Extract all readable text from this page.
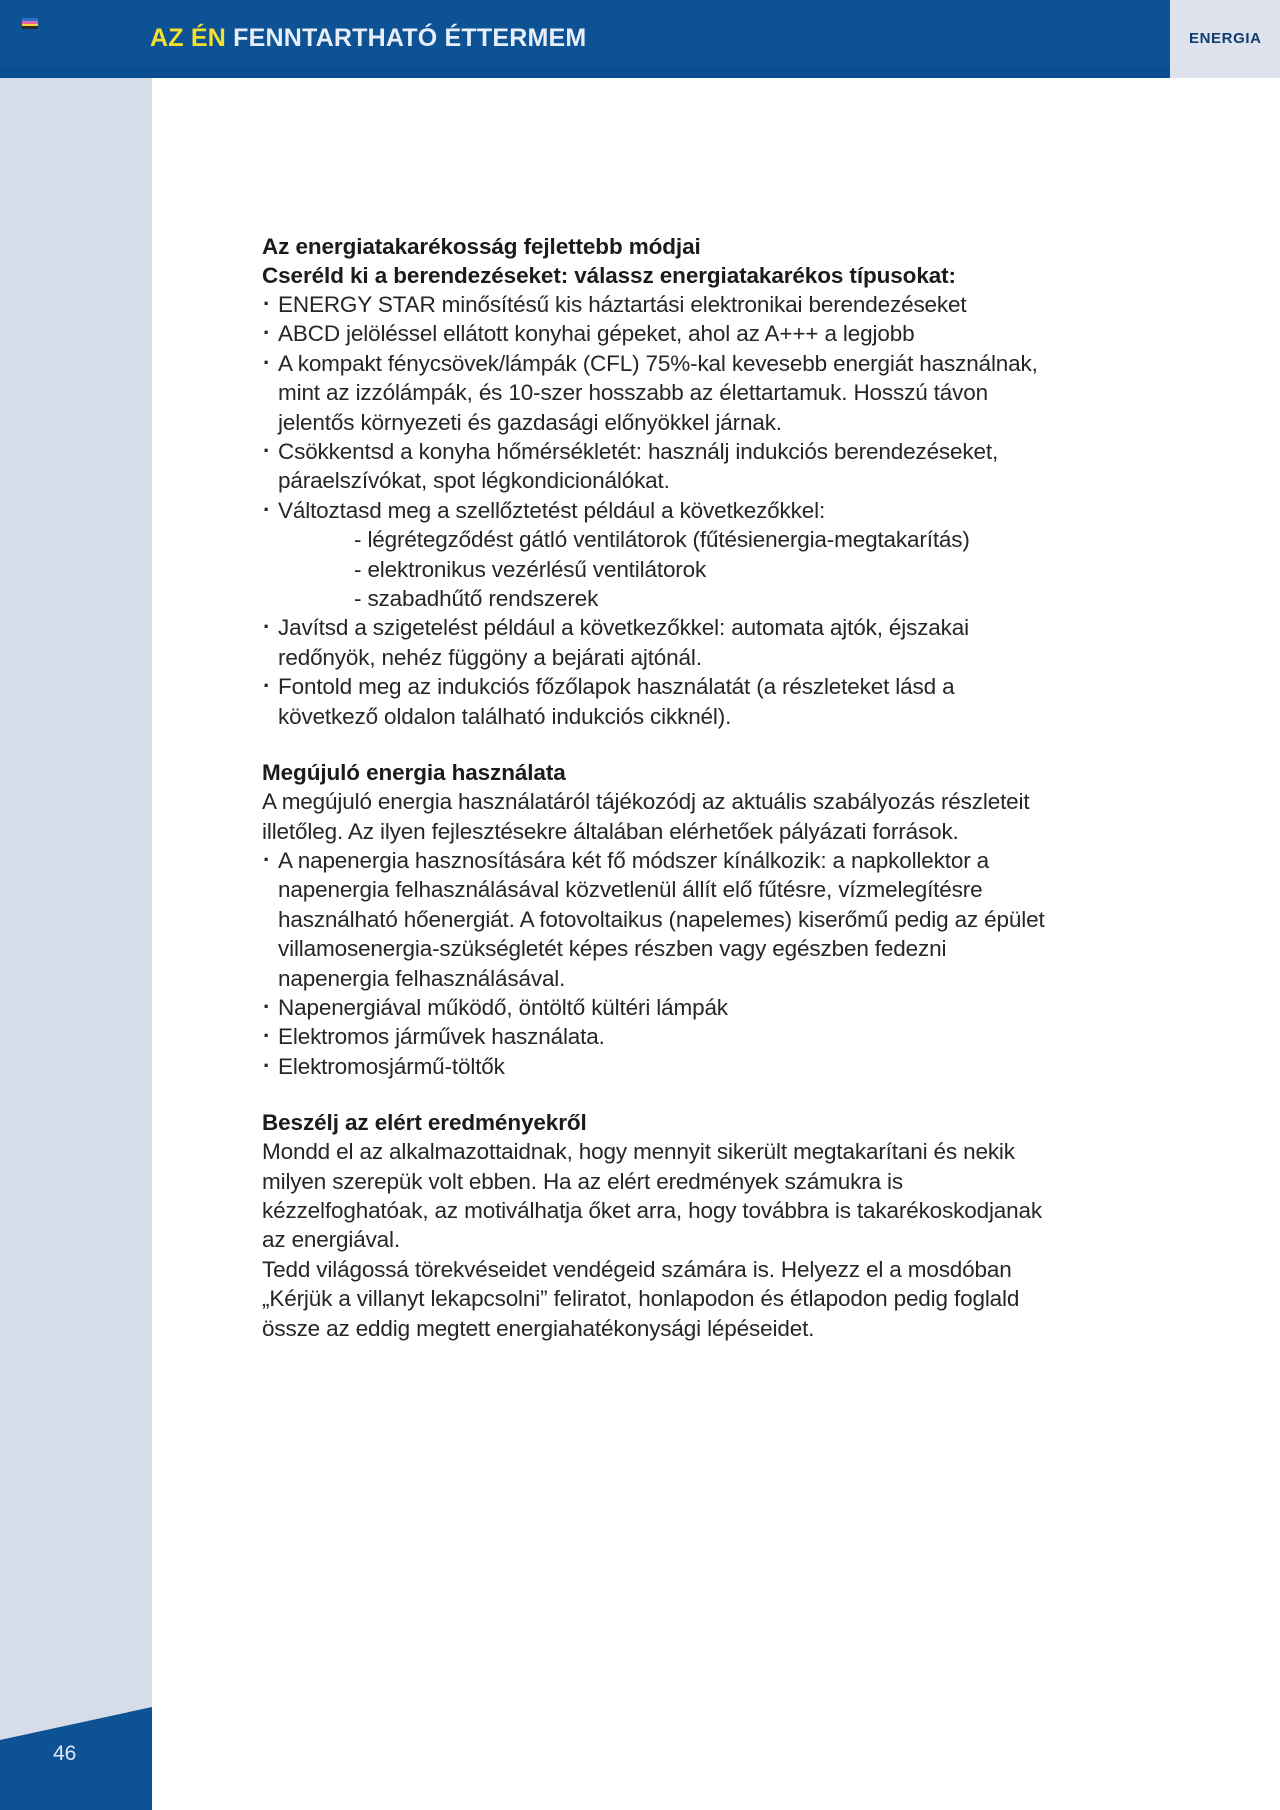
AZ ÉN FENNTARTHATÓ ÉTTERMEM	ENERGIA
Az energiatakarékosság fejlettebb módjai
Cseréld ki a berendezéseket: válassz energiatakarékos típusokat:
· ENERGY STAR minősítésű kis háztartási elektronikai berendezéseket
· ABCD jelöléssel ellátott konyhai gépeket, ahol az A+++ a legjobb
· A kompakt fénycsövek/lámpák (CFL) 75%-kal kevesebb energiát használnak, mint az izzólámpák, és 10-szer hosszabb az élettartamuk. Hosszú távon jelentős környezeti és gazdasági előnyökkel járnak.
· Csökkentsd a konyha hőmérsékletét: használj indukciós berendezéseket, páraelszívókat, spot légkondicionálókat.
· Változtasd meg a szellőztetést például a következőkkel:
- légrétegződést gátló ventilátorok (fűtésienergia-megtakarítás)
- elektronikus vezérlésű ventilátorok
- szabadhűtő rendszerek
· Javítsd a szigetelést például a következőkkel: automata ajtók, éjszakai redőnyök, nehéz függöny a bejárati ajtónál.
· Fontold meg az indukciós főzőlapok használatát (a részleteket lásd a következő oldalon található indukciós cikknél).
Megújuló energia használata
A megújuló energia használatáról tájékozódj az aktuális szabályozás részleteit illetőleg. Az ilyen fejlesztésekre általában elérhetőek pályázati források.
· A napenergia hasznosítására két fő módszer kínálkozik: a napkollektor a napenergia felhasználásával közvetlenül állít elő fűtésre, vízmelegítésre használható hőenergiát. A fotovoltaikus (napelemes) kiserőmű pedig az épület villamosenergia-szükségletét képes részben vagy egészben fedezni napenergia felhasználásával.
· Napenergiával működő, öntöltő kültéri lámpák
· Elektromos járművek használata.
· Elektromosjármű-töltők
Beszélj az elért eredményekről
Mondd el az alkalmazottaidnak, hogy mennyit sikerült megtakarítani és nekik milyen szerepük volt ebben. Ha az elért eredmények számukra is kézzelfoghatóak, az motiválhatja őket arra, hogy továbbra is takarékoskodjanak az energiával.
Tedd világossá törekvéseidet vendégeid számára is. Helyezz el a mosdóban „Kérjük a villanyt lekapcsolni” feliratot, honlapodon és étlapodon pedig foglald össze az eddig megtett energiahatékonysági lépéseidet.
46
